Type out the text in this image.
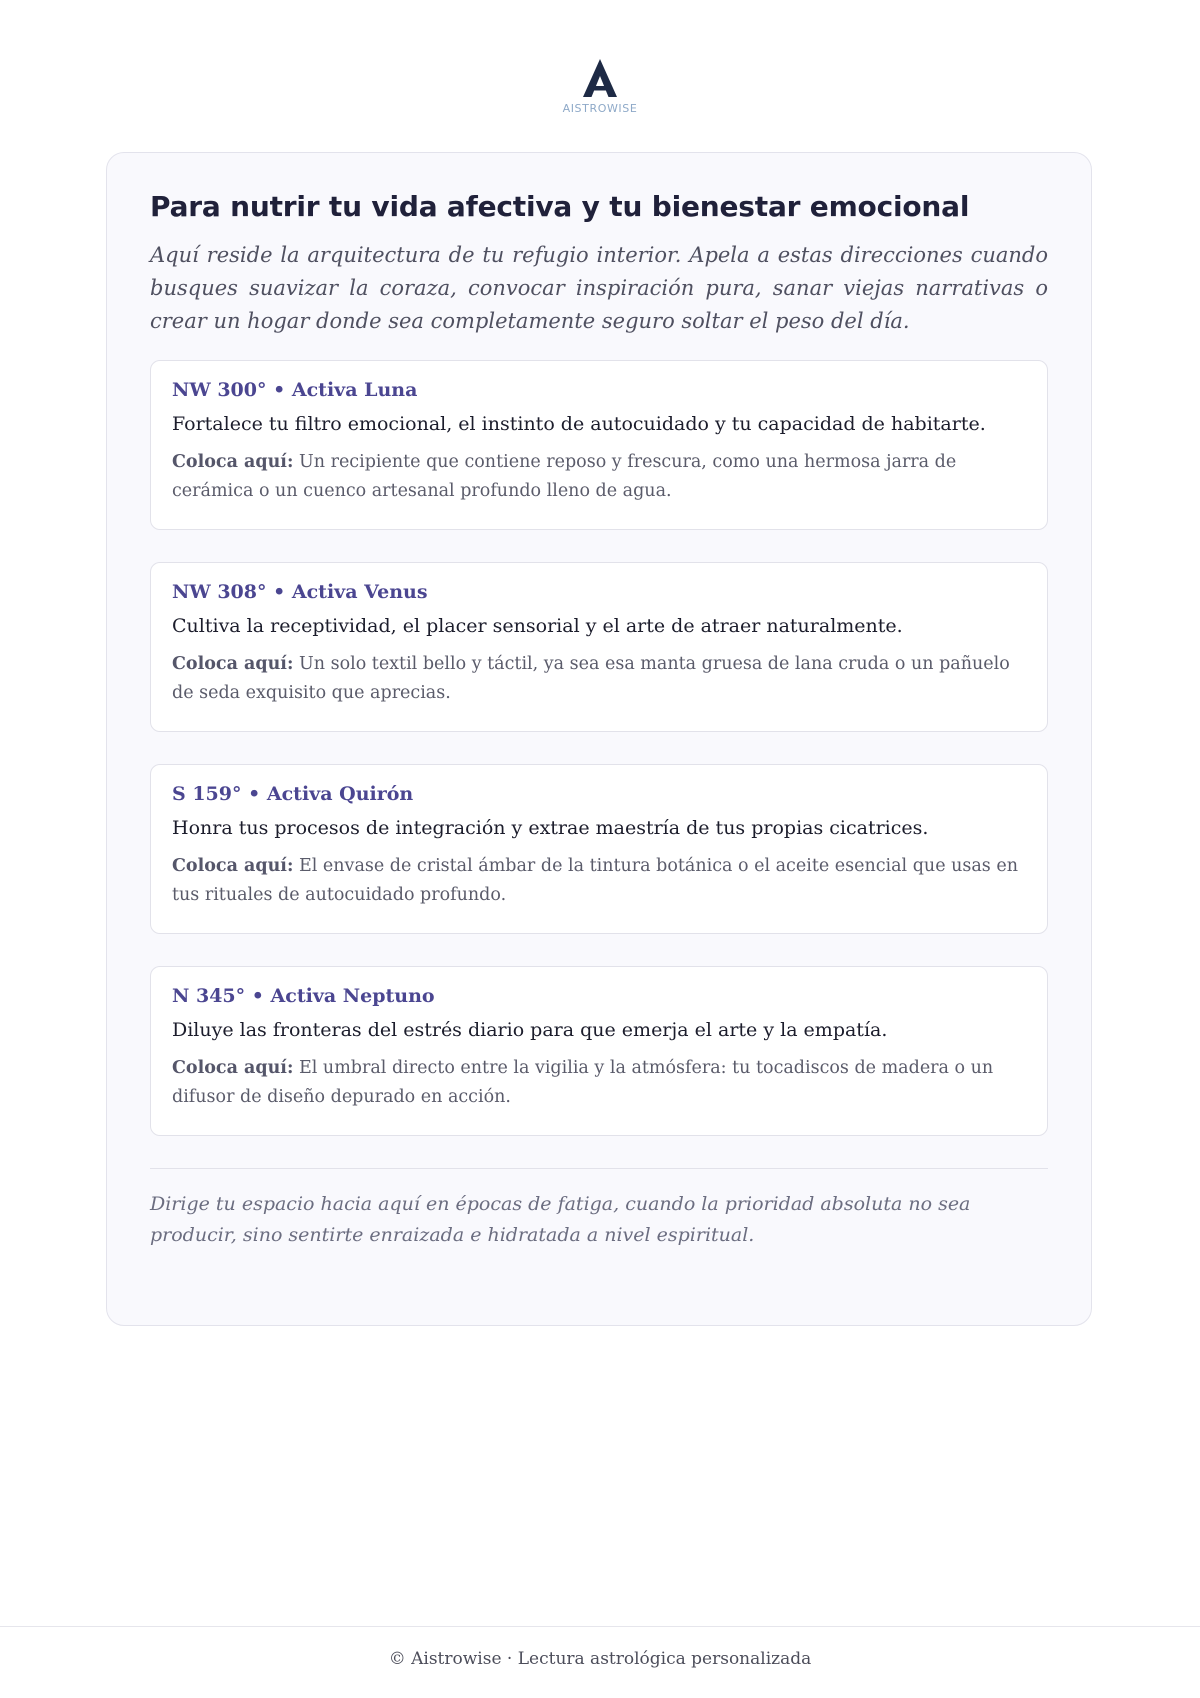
AISTROWISE
Para nutrir tu vida afectiva y tu bienestar emocional

Aquí reside la arquitectura de tu refugio interior. Apela a estas direcciones cuando busques suavizar la coraza, convocar inspiración pura, sanar viejas narrativas o crear un hogar donde sea completamente seguro soltar el peso del día.

NW 300° • Activa Luna
Fortalece tu filtro emocional, el instinto de autocuidado y tu capacidad de habitarte.
Coloca aquí: Un recipiente que contiene reposo y frescura, como una hermosa jarra de cerámica o un cuenco artesanal profundo lleno de agua.
NW 308° • Activa Venus
Cultiva la receptividad, el placer sensorial y el arte de atraer naturalmente.
Coloca aquí: Un solo textil bello y táctil, ya sea esa manta gruesa de lana cruda o un pañuelo de seda exquisito que aprecias.
S 159° • Activa Quirón
Honra tus procesos de integración y extrae maestría de tus propias cicatrices.
Coloca aquí: El envase de cristal ámbar de la tintura botánica o el aceite esencial que usas en tus rituales de autocuidado profundo.
N 345° • Activa Neptuno
Diluye las fronteras del estrés diario para que emerja el arte y la empatía.
Coloca aquí: El umbral directo entre la vigilia y la atmósfera: tu tocadiscos de madera o un difusor de diseño depurado en acción.

Dirige tu espacio hacia aquí en épocas de fatiga, cuando la prioridad absoluta no sea producir, sino sentirte enraizada e hidratada a nivel espiritual.

© Aistrowise · Lectura astrológica personalizada
